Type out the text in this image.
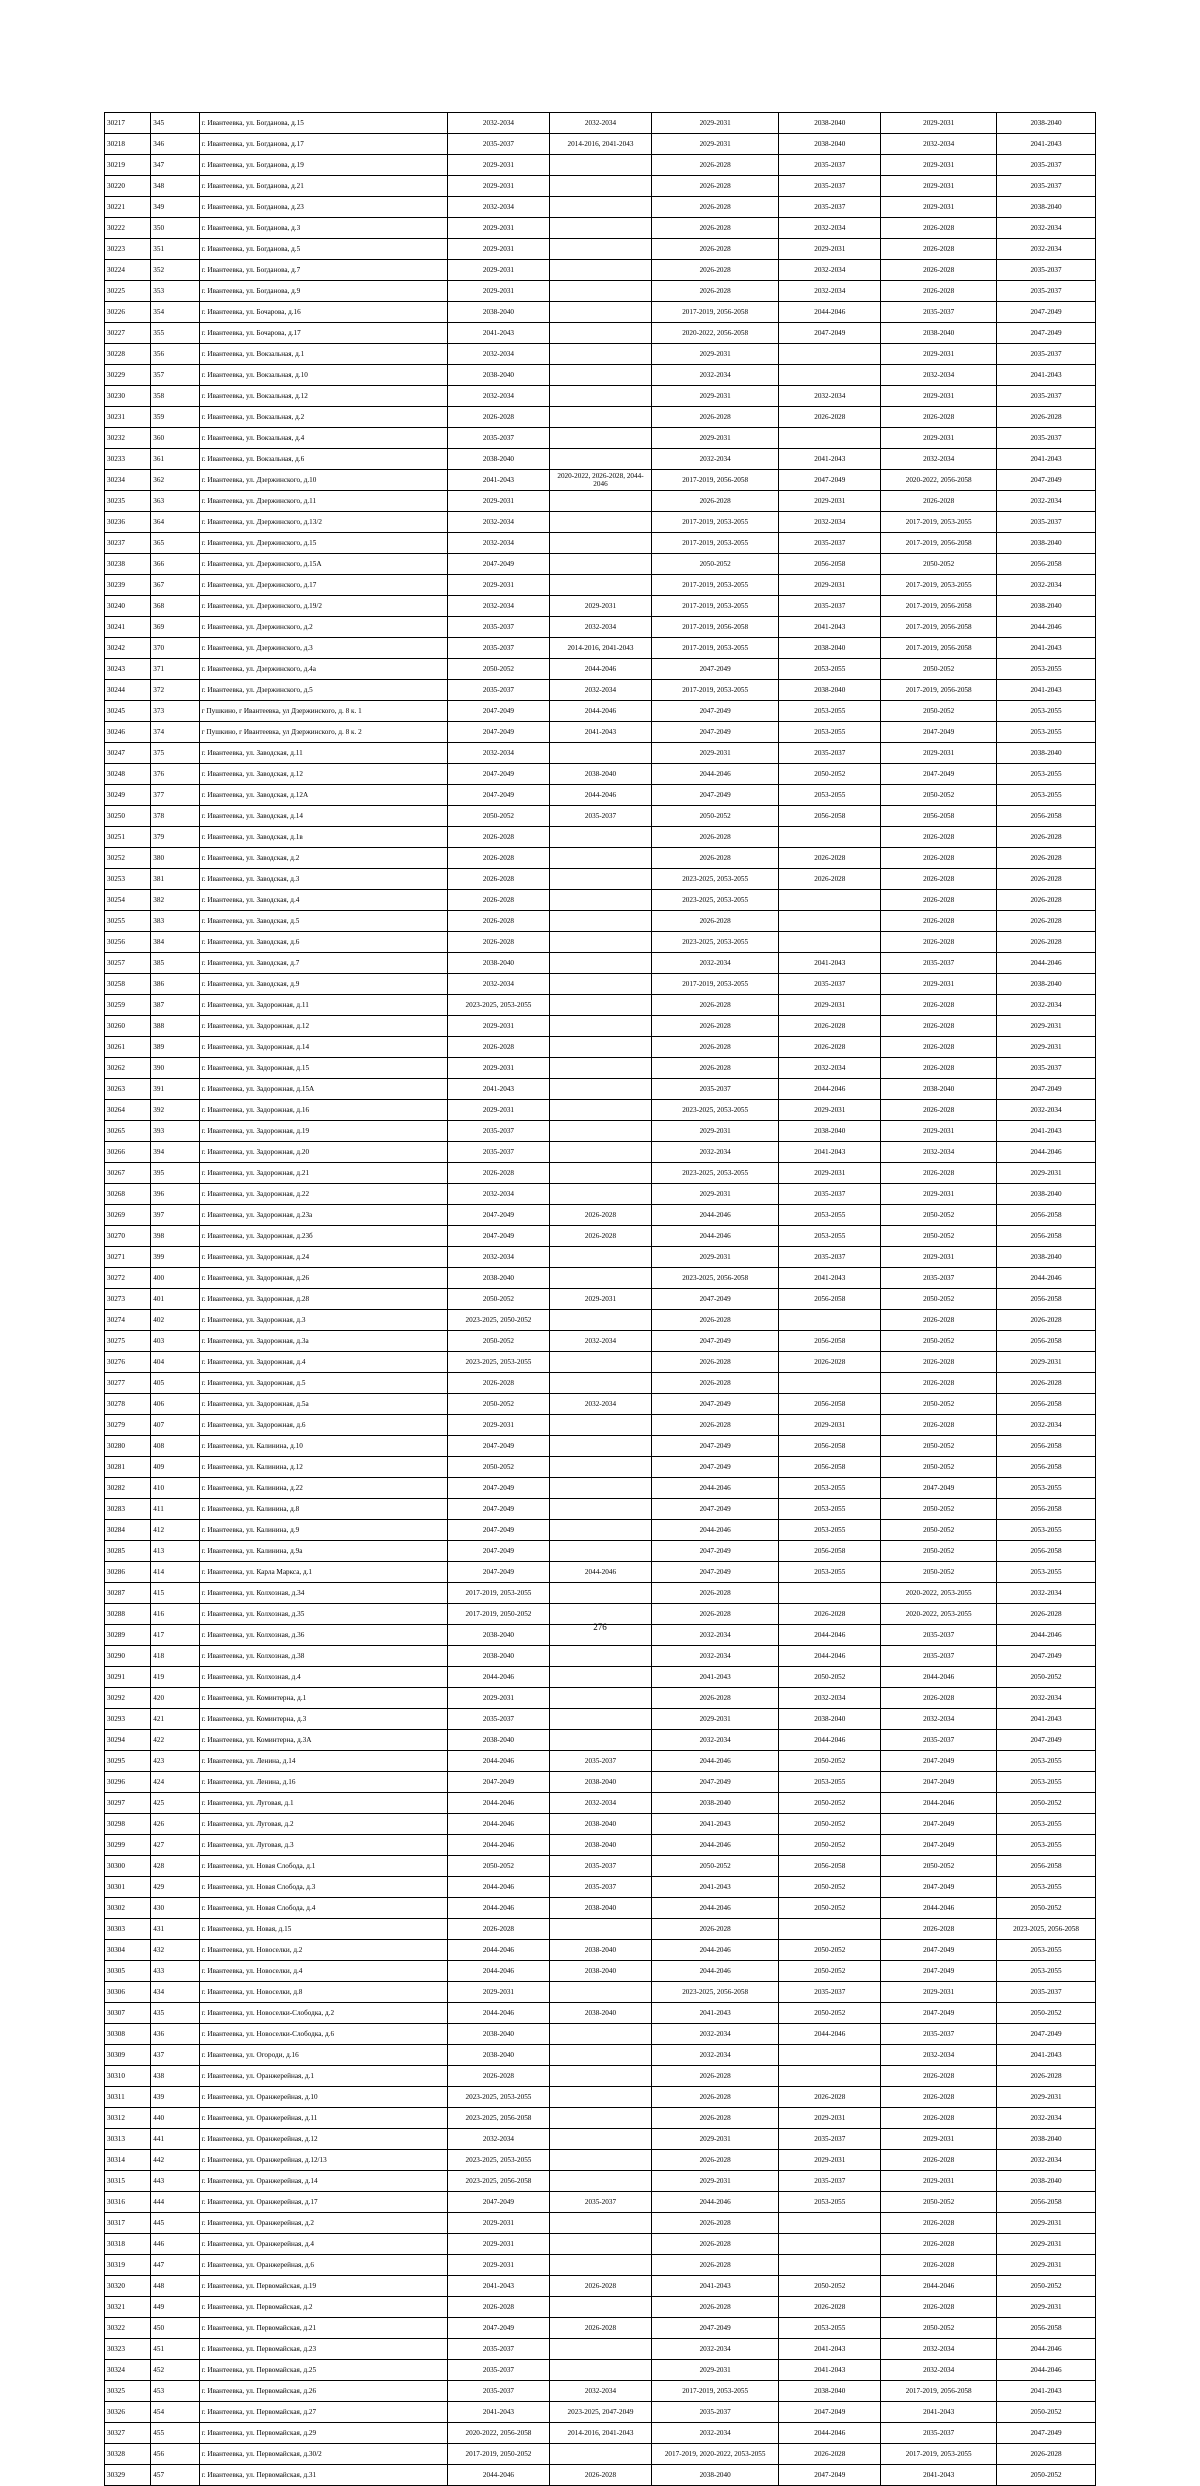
30217	345	г. Ивантеевка, ул. Богданова, д.15	2032-2034	2032-2034	2029-2031	2038-2040	2029-2031	2038-2040
30218	346	г. Ивантеевка, ул. Богданова, д.17	2035-2037	2014-2016, 2041-2043	2029-2031	2038-2040	2032-2034	2041-2043
30219	347	г. Ивантеевка, ул. Богданова, д.19	2029-2031		2026-2028	2035-2037	2029-2031	2035-2037
30220	348	г. Ивантеевка, ул. Богданова, д.21	2029-2031		2026-2028	2035-2037	2029-2031	2035-2037
30221	349	г. Ивантеевка, ул. Богданова, д.23	2032-2034		2026-2028	2035-2037	2029-2031	2038-2040
30222	350	г. Ивантеевка, ул. Богданова, д.3	2029-2031		2026-2028	2032-2034	2026-2028	2032-2034
30223	351	г. Ивантеевка, ул. Богданова, д.5	2029-2031		2026-2028	2029-2031	2026-2028	2032-2034
30224	352	г. Ивантеевка, ул. Богданова, д.7	2029-2031		2026-2028	2032-2034	2026-2028	2035-2037
30225	353	г. Ивантеевка, ул. Богданова, д.9	2029-2031		2026-2028	2032-2034	2026-2028	2035-2037
30226	354	г. Ивантеевка, ул. Бочарова, д.16	2038-2040		2017-2019, 2056-2058	2044-2046	2035-2037	2047-2049
30227	355	г. Ивантеевка, ул. Бочарова, д.17	2041-2043		2020-2022, 2056-2058	2047-2049	2038-2040	2047-2049
30228	356	г. Ивантеевка, ул. Вокзальная, д.1	2032-2034		2029-2031		2029-2031	2035-2037
30229	357	г. Ивантеевка, ул. Вокзальная, д.10	2038-2040		2032-2034		2032-2034	2041-2043
30230	358	г. Ивантеевка, ул. Вокзальная, д.12	2032-2034		2029-2031	2032-2034	2029-2031	2035-2037
30231	359	г. Ивантеевка, ул. Вокзальная, д.2	2026-2028		2026-2028	2026-2028	2026-2028	2026-2028
30232	360	г. Ивантеевка, ул. Вокзальная, д.4	2035-2037		2029-2031		2029-2031	2035-2037
30233	361	г. Ивантеевка, ул. Вокзальная, д.6	2038-2040		2032-2034	2041-2043	2032-2034	2041-2043
30234	362	г. Ивантеевка, ул. Дзержинского, д.10	2041-2043	2020-2022, 2026-2028, 2044-2046	2017-2019, 2056-2058	2047-2049	2020-2022, 2056-2058	2047-2049
30235	363	г. Ивантеевка, ул. Дзержинского, д.11	2029-2031		2026-2028	2029-2031	2026-2028	2032-2034
30236	364	г. Ивантеевка, ул. Дзержинского, д.13/2	2032-2034		2017-2019, 2053-2055	2032-2034	2017-2019, 2053-2055	2035-2037
30237	365	г. Ивантеевка, ул. Дзержинского, д.15	2032-2034		2017-2019, 2053-2055	2035-2037	2017-2019, 2056-2058	2038-2040
30238	366	г. Ивантеевка, ул. Дзержинского, д.15А	2047-2049		2050-2052	2056-2058	2050-2052	2056-2058
30239	367	г. Ивантеевка, ул. Дзержинского, д.17	2029-2031		2017-2019, 2053-2055	2029-2031	2017-2019, 2053-2055	2032-2034
30240	368	г. Ивантеевка, ул. Дзержинского, д.19/2	2032-2034	2029-2031	2017-2019, 2053-2055	2035-2037	2017-2019, 2056-2058	2038-2040
30241	369	г. Ивантеевка, ул. Дзержинского, д.2	2035-2037	2032-2034	2017-2019, 2056-2058	2041-2043	2017-2019, 2056-2058	2044-2046
30242	370	г. Ивантеевка, ул. Дзержинского, д.3	2035-2037	2014-2016, 2041-2043	2017-2019, 2053-2055	2038-2040	2017-2019, 2056-2058	2041-2043
30243	371	г. Ивантеевка, ул. Дзержинского, д.4а	2050-2052	2044-2046	2047-2049	2053-2055	2050-2052	2053-2055
30244	372	г. Ивантеевка, ул. Дзержинского, д.5	2035-2037	2032-2034	2017-2019, 2053-2055	2038-2040	2017-2019, 2056-2058	2041-2043
30245	373	г Пушкино, г Ивантеевка, ул Дзержинского, д. 8 к. 1	2047-2049	2044-2046	2047-2049	2053-2055	2050-2052	2053-2055
30246	374	г Пушкино, г Ивантеевка, ул Дзержинского, д. 8 к. 2	2047-2049	2041-2043	2047-2049	2053-2055	2047-2049	2053-2055
30247	375	г. Ивантеевка, ул. Заводская, д.11	2032-2034		2029-2031	2035-2037	2029-2031	2038-2040
30248	376	г. Ивантеевка, ул. Заводская, д.12	2047-2049	2038-2040	2044-2046	2050-2052	2047-2049	2053-2055
30249	377	г. Ивантеевка, ул. Заводская, д.12А	2047-2049	2044-2046	2047-2049	2053-2055	2050-2052	2053-2055
30250	378	г. Ивантеевка, ул. Заводская, д.14	2050-2052	2035-2037	2050-2052	2056-2058	2056-2058	2056-2058
30251	379	г. Ивантеевка, ул. Заводская, д.1в	2026-2028		2026-2028		2026-2028	2026-2028
30252	380	г. Ивантеевка, ул. Заводская, д.2	2026-2028		2026-2028	2026-2028	2026-2028	2026-2028
30253	381	г. Ивантеевка, ул. Заводская, д.3	2026-2028		2023-2025, 2053-2055	2026-2028	2026-2028	2026-2028
30254	382	г. Ивантеевка, ул. Заводская, д.4	2026-2028		2023-2025, 2053-2055		2026-2028	2026-2028
30255	383	г. Ивантеевка, ул. Заводская, д.5	2026-2028		2026-2028		2026-2028	2026-2028
30256	384	г. Ивантеевка, ул. Заводская, д.6	2026-2028		2023-2025, 2053-2055		2026-2028	2026-2028
30257	385	г. Ивантеевка, ул. Заводская, д.7	2038-2040		2032-2034	2041-2043	2035-2037	2044-2046
30258	386	г. Ивантеевка, ул. Заводская, д.9	2032-2034		2017-2019, 2053-2055	2035-2037	2029-2031	2038-2040
30259	387	г. Ивантеевка, ул. Задорожная, д.11	2023-2025, 2053-2055		2026-2028	2029-2031	2026-2028	2032-2034
30260	388	г. Ивантеевка, ул. Задорожная, д.12	2029-2031		2026-2028	2026-2028	2026-2028	2029-2031
30261	389	г. Ивантеевка, ул. Задорожная, д.14	2026-2028		2026-2028	2026-2028	2026-2028	2029-2031
30262	390	г. Ивантеевка, ул. Задорожная, д.15	2029-2031		2026-2028	2032-2034	2026-2028	2035-2037
30263	391	г. Ивантеевка, ул. Задорожная, д.15А	2041-2043		2035-2037	2044-2046	2038-2040	2047-2049
30264	392	г. Ивантеевка, ул. Задорожная, д.16	2029-2031		2023-2025, 2053-2055	2029-2031	2026-2028	2032-2034
30265	393	г. Ивантеевка, ул. Задорожная, д.19	2035-2037		2029-2031	2038-2040	2029-2031	2041-2043
30266	394	г. Ивантеевка, ул. Задорожная, д.20	2035-2037		2032-2034	2041-2043	2032-2034	2044-2046
30267	395	г. Ивантеевка, ул. Задорожная, д.21	2026-2028		2023-2025, 2053-2055	2029-2031	2026-2028	2029-2031
30268	396	г. Ивантеевка, ул. Задорожная, д.22	2032-2034		2029-2031	2035-2037	2029-2031	2038-2040
30269	397	г. Ивантеевка, ул. Задорожная, д.23а	2047-2049	2026-2028	2044-2046	2053-2055	2050-2052	2056-2058
30270	398	г. Ивантеевка, ул. Задорожная, д.23б	2047-2049	2026-2028	2044-2046	2053-2055	2050-2052	2056-2058
30271	399	г. Ивантеевка, ул. Задорожная, д.24	2032-2034		2029-2031	2035-2037	2029-2031	2038-2040
30272	400	г. Ивантеевка, ул. Задорожная, д.26	2038-2040		2023-2025, 2056-2058	2041-2043	2035-2037	2044-2046
30273	401	г. Ивантеевка, ул. Задорожная, д.28	2050-2052	2029-2031	2047-2049	2056-2058	2050-2052	2056-2058
30274	402	г. Ивантеевка, ул. Задорожная, д.3	2023-2025, 2050-2052		2026-2028		2026-2028	2026-2028
30275	403	г. Ивантеевка, ул. Задорожная, д.3а	2050-2052	2032-2034	2047-2049	2056-2058	2050-2052	2056-2058
30276	404	г. Ивантеевка, ул. Задорожная, д.4	2023-2025, 2053-2055		2026-2028	2026-2028	2026-2028	2029-2031
30277	405	г. Ивантеевка, ул. Задорожная, д.5	2026-2028		2026-2028		2026-2028	2026-2028
30278	406	г. Ивантеевка, ул. Задорожная, д.5а	2050-2052	2032-2034	2047-2049	2056-2058	2050-2052	2056-2058
30279	407	г. Ивантеевка, ул. Задорожная, д.6	2029-2031		2026-2028	2029-2031	2026-2028	2032-2034
30280	408	г. Ивантеевка, ул. Калинина, д.10	2047-2049		2047-2049	2056-2058	2050-2052	2056-2058
30281	409	г. Ивантеевка, ул. Калинина, д.12	2050-2052		2047-2049	2056-2058	2050-2052	2056-2058
30282	410	г. Ивантеевка, ул. Калинина, д.22	2047-2049		2044-2046	2053-2055	2047-2049	2053-2055
30283	411	г. Ивантеевка, ул. Калинина, д.8	2047-2049		2047-2049	2053-2055	2050-2052	2056-2058
30284	412	г. Ивантеевка, ул. Калинина, д.9	2047-2049		2044-2046	2053-2055	2050-2052	2053-2055
30285	413	г. Ивантеевка, ул. Калинина, д.9а	2047-2049		2047-2049	2056-2058	2050-2052	2056-2058
30286	414	г. Ивантеевка, ул. Карла Маркса, д.1	2047-2049	2044-2046	2047-2049	2053-2055	2050-2052	2053-2055
30287	415	г. Ивантеевка, ул. Колхозная, д.34	2017-2019, 2053-2055		2026-2028		2020-2022, 2053-2055	2032-2034
30288	416	г. Ивантеевка, ул. Колхозная, д.35	2017-2019, 2050-2052		2026-2028	2026-2028	2020-2022, 2053-2055	2026-2028
30289	417	г. Ивантеевка, ул. Колхозная, д.36	2038-2040		2032-2034	2044-2046	2035-2037	2044-2046
30290	418	г. Ивантеевка, ул. Колхозная, д.38	2038-2040		2032-2034	2044-2046	2035-2037	2047-2049
30291	419	г. Ивантеевка, ул. Колхозная, д.4	2044-2046		2041-2043	2050-2052	2044-2046	2050-2052
30292	420	г. Ивантеевка, ул. Коминтерна, д.1	2029-2031		2026-2028	2032-2034	2026-2028	2032-2034
30293	421	г. Ивантеевка, ул. Коминтерна, д.3	2035-2037		2029-2031	2038-2040	2032-2034	2041-2043
30294	422	г. Ивантеевка, ул. Коминтерна, д.3А	2038-2040		2032-2034	2044-2046	2035-2037	2047-2049
30295	423	г. Ивантеевка, ул. Ленина, д.14	2044-2046	2035-2037	2044-2046	2050-2052	2047-2049	2053-2055
30296	424	г. Ивантеевка, ул. Ленина, д.16	2047-2049	2038-2040	2047-2049	2053-2055	2047-2049	2053-2055
30297	425	г. Ивантеевка, ул. Луговая, д.1	2044-2046	2032-2034	2038-2040	2050-2052	2044-2046	2050-2052
30298	426	г. Ивантеевка, ул. Луговая, д.2	2044-2046	2038-2040	2041-2043	2050-2052	2047-2049	2053-2055
30299	427	г. Ивантеевка, ул. Луговая, д.3	2044-2046	2038-2040	2044-2046	2050-2052	2047-2049	2053-2055
30300	428	г. Ивантеевка, ул. Новая Слобода, д.1	2050-2052	2035-2037	2050-2052	2056-2058	2050-2052	2056-2058
30301	429	г. Ивантеевка, ул. Новая Слобода, д.3	2044-2046	2035-2037	2041-2043	2050-2052	2047-2049	2053-2055
30302	430	г. Ивантеевка, ул. Новая Слобода, д.4	2044-2046	2038-2040	2044-2046	2050-2052	2044-2046	2050-2052
30303	431	г. Ивантеевка, ул. Новая, д.15	2026-2028		2026-2028		2026-2028	2023-2025, 2056-2058
30304	432	г. Ивантеевка, ул. Новоселки, д.2	2044-2046	2038-2040	2044-2046	2050-2052	2047-2049	2053-2055
30305	433	г. Ивантеевка, ул. Новоселки, д.4	2044-2046	2038-2040	2044-2046	2050-2052	2047-2049	2053-2055
30306	434	г. Ивантеевка, ул. Новоселки, д.8	2029-2031		2023-2025, 2056-2058	2035-2037	2029-2031	2035-2037
30307	435	г. Ивантеевка, ул. Новоселки-Слободка, д.2	2044-2046	2038-2040	2041-2043	2050-2052	2047-2049	2050-2052
30308	436	г. Ивантеевка, ул. Новоселки-Слободка, д.6	2038-2040		2032-2034	2044-2046	2035-2037	2047-2049
30309	437	г. Ивантеевка, ул. Огороди, д.16	2038-2040		2032-2034		2032-2034	2041-2043
30310	438	г. Ивантеевка, ул. Оранжерейная, д.1	2026-2028		2026-2028		2026-2028	2026-2028
30311	439	г. Ивантеевка, ул. Оранжерейная, д.10	2023-2025, 2053-2055		2026-2028	2026-2028	2026-2028	2029-2031
30312	440	г. Ивантеевка, ул. Оранжерейная, д.11	2023-2025, 2056-2058		2026-2028	2029-2031	2026-2028	2032-2034
30313	441	г. Ивантеевка, ул. Оранжерейная, д.12	2032-2034		2029-2031	2035-2037	2029-2031	2038-2040
30314	442	г. Ивантеевка, ул. Оранжерейная, д.12/13	2023-2025, 2053-2055		2026-2028	2029-2031	2026-2028	2032-2034
30315	443	г. Ивантеевка, ул. Оранжерейная, д.14	2023-2025, 2056-2058		2029-2031	2035-2037	2029-2031	2038-2040
30316	444	г. Ивантеевка, ул. Оранжерейная, д.17	2047-2049	2035-2037	2044-2046	2053-2055	2050-2052	2056-2058
30317	445	г. Ивантеевка, ул. Оранжерейная, д.2	2029-2031		2026-2028		2026-2028	2029-2031
30318	446	г. Ивантеевка, ул. Оранжерейная, д.4	2029-2031		2026-2028		2026-2028	2029-2031
30319	447	г. Ивантеевка, ул. Оранжерейная, д.6	2029-2031		2026-2028		2026-2028	2029-2031
30320	448	г. Ивантеевка, ул. Первомайская, д.19	2041-2043	2026-2028	2041-2043	2050-2052	2044-2046	2050-2052
30321	449	г. Ивантеевка, ул. Первомайская, д.2	2026-2028		2026-2028	2026-2028	2026-2028	2029-2031
30322	450	г. Ивантеевка, ул. Первомайская, д.21	2047-2049	2026-2028	2047-2049	2053-2055	2050-2052	2056-2058
30323	451	г. Ивантеевка, ул. Первомайская, д.23	2035-2037		2032-2034	2041-2043	2032-2034	2044-2046
30324	452	г. Ивантеевка, ул. Первомайская, д.25	2035-2037		2029-2031	2041-2043	2032-2034	2044-2046
30325	453	г. Ивантеевка, ул. Первомайская, д.26	2035-2037	2032-2034	2017-2019, 2053-2055	2038-2040	2017-2019, 2056-2058	2041-2043
30326	454	г. Ивантеевка, ул. Первомайская, д.27	2041-2043	2023-2025, 2047-2049	2035-2037	2047-2049	2041-2043	2050-2052
30327	455	г. Ивантеевка, ул. Первомайская, д.29	2020-2022, 2056-2058	2014-2016, 2041-2043	2032-2034	2044-2046	2035-2037	2047-2049
30328	456	г. Ивантеевка, ул. Первомайская, д.30/2	2017-2019, 2050-2052		2017-2019, 2020-2022, 2053-2055	2026-2028	2017-2019, 2053-2055	2026-2028
30329	457	г. Ивантеевка, ул. Первомайская, д.31	2044-2046	2026-2028	2038-2040	2047-2049	2041-2043	2050-2052
276
